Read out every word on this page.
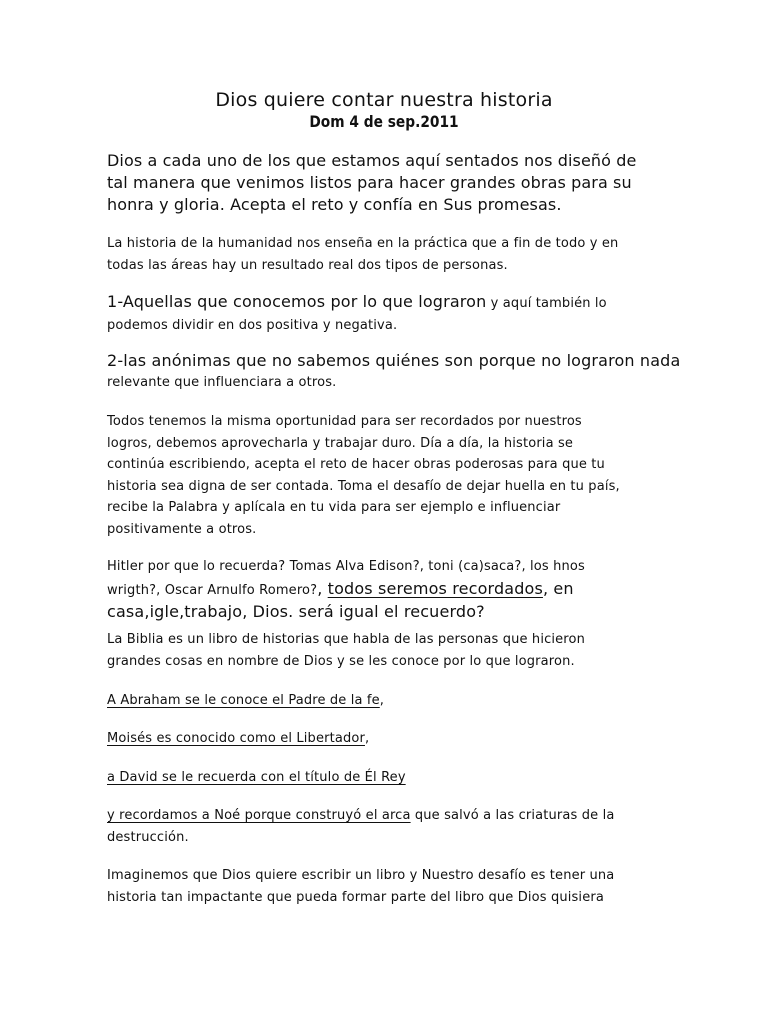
Dios quiere contar nuestra historia
Dom 4 de sep.2011

Dios a cada uno de los que estamos aquí sentados nos diseñó de
tal manera que venimos listos para hacer grandes obras para su
honra y gloria. Acepta el reto y confía en Sus promesas.

La historia de la humanidad nos enseña en la práctica que a fin de todo y en
todas las áreas hay un resultado real dos tipos de personas.

1-Aquellas que conocemos por lo que lograron y aquí también lo
podemos dividir en dos positiva y negativa.

2-las anónimas que no sabemos quiénes son porque no lograron nada
relevante que influenciara a otros.

Todos tenemos la misma oportunidad para ser recordados por nuestros
logros, debemos aprovecharla y trabajar duro. Día a día, la historia se
continúa escribiendo, acepta el reto de hacer obras poderosas para que tu
historia sea digna de ser contada. Toma el desafío de dejar huella en tu país,
recibe la Palabra y aplícala en tu vida para ser ejemplo e influenciar
positivamente a otros.

Hitler por que lo recuerda? Tomas Alva Edison?, toni (ca)saca?, los hnos
wrigth?, Oscar Arnulfo Romero?, todos seremos recordados, en
casa,igle,trabajo, Dios. será igual el recuerdo?

La Biblia es un libro de historias que habla de las personas que hicieron
grandes cosas en nombre de Dios y se les conoce por lo que lograron.

A Abraham se le conoce el Padre de la fe,

Moisés es conocido como el Libertador,

a David se le recuerda con el título de Él Rey

y recordamos a Noé porque construyó el arca que salvó a las criaturas de la
destrucción.

Imaginemos que Dios quiere escribir un libro y Nuestro desafío es tener una
historia tan impactante que pueda formar parte del libro que Dios quisiera
